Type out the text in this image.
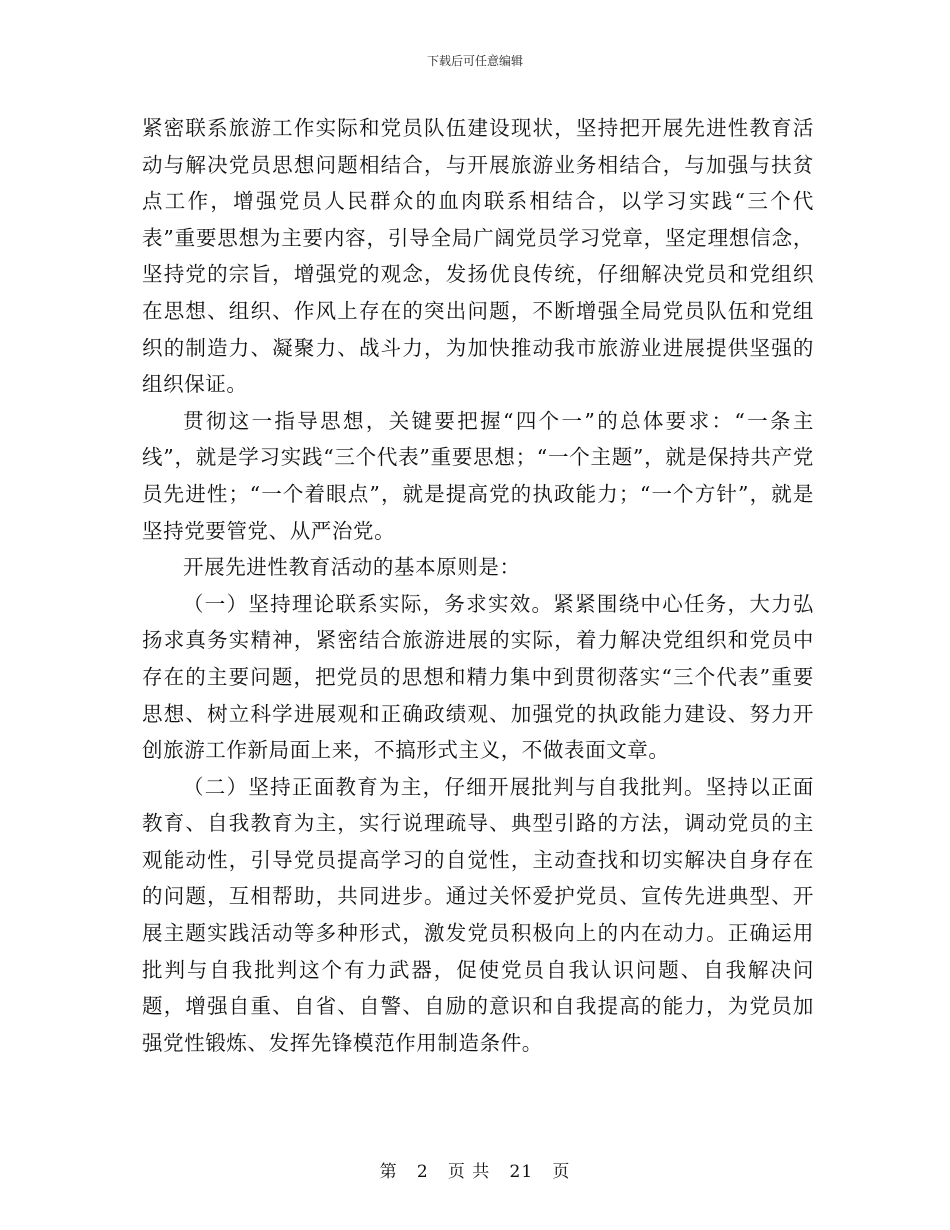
下载后可任意编辑

紧密联系旅游工作实际和党员队伍建设现状，坚持把开展先进性教育活动与解决党员思想问题相结合，与开展旅游业务相结合，与加强与扶贫点工作，增强党员人民群众的血肉联系相结合，以学习实践“三个代表”重要思想为主要内容，引导全局广阔党员学习党章，坚定理想信念，坚持党的宗旨，增强党的观念，发扬优良传统，仔细解决党员和党组织在思想、组织、作风上存在的突出问题，不断增强全局党员队伍和党组织的制造力、凝聚力、战斗力，为加快推动我市旅游业进展提供坚强的组织保证。

贯彻这一指导思想，关键要把握“四个一”的总体要求：“一条主线”，就是学习实践“三个代表”重要思想；“一个主题”，就是保持共产党员先进性；“一个着眼点”，就是提高党的执政能力；“一个方针”，就是坚持党要管党、从严治党。

开展先进性教育活动的基本原则是：

（一）坚持理论联系实际，务求实效。紧紧围绕中心任务，大力弘扬求真务实精神，紧密结合旅游进展的实际，着力解决党组织和党员中存在的主要问题，把党员的思想和精力集中到贯彻落实“三个代表”重要思想、树立科学进展观和正确政绩观、加强党的执政能力建设、努力开创旅游工作新局面上来，不搞形式主义，不做表面文章。

（二）坚持正面教育为主，仔细开展批判与自我批判。坚持以正面教育、自我教育为主，实行说理疏导、典型引路的方法，调动党员的主观能动性，引导党员提高学习的自觉性，主动查找和切实解决自身存在的问题，互相帮助，共同进步。通过关怀爱护党员、宣传先进典型、开展主题实践活动等多种形式，激发党员积极向上的内在动力。正确运用批判与自我批判这个有力武器，促使党员自我认识问题、自我解决问题，增强自重、自省、自警、自励的意识和自我提高的能力，为党员加强党性锻炼、发挥先锋模范作用制造条件。

第 2 页 共 21 页
